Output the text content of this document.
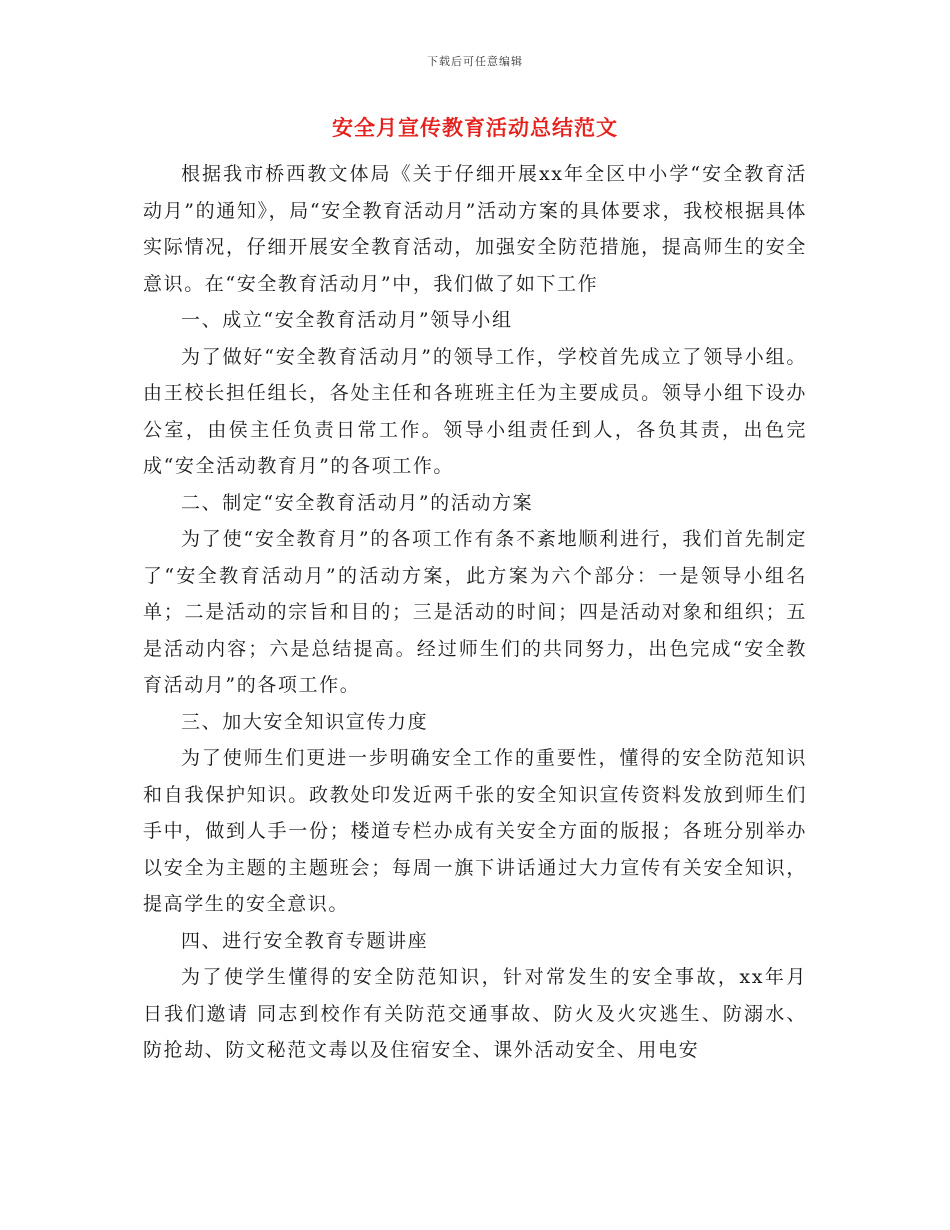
下载后可任意编辑
安全月宣传教育活动总结范文

根据我市桥西教文体局《关于仔细开展xx年全区中小学“安全教育活动月”的通知》，局“安全教育活动月”活动方案的具体要求，我校根据具体实际情况，仔细开展安全教育活动，加强安全防范措施，提高师生的安全意识。在“安全教育活动月”中，我们做了如下工作

一、成立“安全教育活动月”领导小组

为了做好“安全教育活动月”的领导工作，学校首先成立了领导小组。由王校长担任组长，各处主任和各班班主任为主要成员。领导小组下设办公室，由侯主任负责日常工作。领导小组责任到人，各负其责，出色完成“安全活动教育月”的各项工作。

二、制定“安全教育活动月”的活动方案

为了使“安全教育月”的各项工作有条不紊地顺利进行，我们首先制定了“安全教育活动月”的活动方案，此方案为六个部分：一是领导小组名单；二是活动的宗旨和目的；三是活动的时间；四是活动对象和组织；五是活动内容；六是总结提高。经过师生们的共同努力，出色完成“安全教育活动月”的各项工作。

三、加大安全知识宣传力度

为了使师生们更进一步明确安全工作的重要性，懂得的安全防范知识和自我保护知识。政教处印发近两千张的安全知识宣传资料发放到师生们手中，做到人手一份；楼道专栏办成有关安全方面的版报；各班分别举办以安全为主题的主题班会；每周一旗下讲话通过大力宣传有关安全知识，提高学生的安全意识。

四、进行安全教育专题讲座

为了使学生懂得的安全防范知识，针对常发生的安全事故，xx年月 日我们邀请 同志到校作有关防范交通事故、防火及火灾逃生、防溺水、防抢劫、防文秘范文毒以及住宿安全、课外活动安全、用电安
